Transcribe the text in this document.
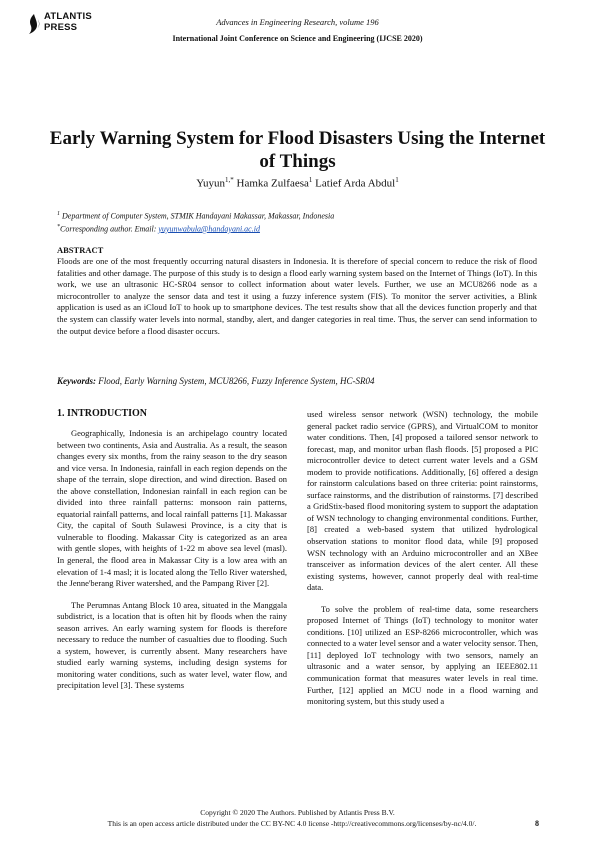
ATLANTIS
PRESS	Advances in Engineering Research, volume 196
International Joint Conference on Science and Engineering (IJCSE 2020)
Early Warning System for Flood Disasters Using the Internet of Things
Yuyun$^{1,*}$ Hamka Zulfaesa$^1$ Latief Arda Abdul$^1$
$^1$ Department of Computer System, STMIK Handayani Makassar, Makassar, Indonesia
*Corresponding author. Email: yuyunwabula@handayani.ac.id
ABSTRACT
Floods are one of the most frequently occurring natural disasters in Indonesia. It is therefore of special concern to reduce the risk of flood fatalities and other damage. The purpose of this study is to design a flood early warning system based on the Internet of Things (IoT). In this work, we use an ultrasonic HC-SR04 sensor to collect information about water levels. Further, we use an MCU8266 node as a microcontroller to analyze the sensor data and test it using a fuzzy inference system (FIS). To monitor the server activities, a Blink application is used as an iCloud IoT to hook up to smartphone devices. The test results show that all the devices function properly and that the system can classify water levels into normal, standby, alert, and danger categories in real time. Thus, the server can send information to the output device before a flood disaster occurs.
Keywords: Flood, Early Warning System, MCU8266, Fuzzy Inference System, HC-SR04
1. INTRODUCTION

Geographically, Indonesia is an archipelago country located between two continents, Asia and Australia. As a result, the season changes every six months, from the rainy season to the dry season and vice versa. In Indonesia, rainfall in each region depends on the shape of the terrain, slope direction, and wind direction. Based on the above constellation, Indonesian rainfall in each region can be divided into three rainfall patterns: monsoon rain patterns, equatorial rainfall patterns, and local rainfall patterns [1]. Makassar City, the capital of South Sulawesi Province, is a city that is vulnerable to flooding. Makassar City is categorized as an area with gentle slopes, with heights of 1-22 m above sea level (masl). In general, the flood area in Makassar City is a low area with an elevation of 1-4 masl; it is located along the Tello River watershed, the Jenne'berang River watershed, and the Pampang River [2].

The Perumnas Antang Block 10 area, situated in the Manggala subdistrict, is a location that is often hit by floods when the rainy season arrives. An early warning system for floods is therefore necessary to reduce the number of casualties due to flooding. Such a system, however, is currently absent. Many researchers have studied early warning systems, including design systems for monitoring water conditions, such as water level, water flow, and precipitation level [3]. These systems

used wireless sensor network (WSN) technology, the mobile general packet radio service (GPRS), and VirtualCOM to monitor water conditions. Then, [4] proposed a tailored sensor network to forecast, map, and monitor urban flash floods. [5] proposed a PIC microcontroller device to detect current water levels and a GSM modem to provide notifications. Additionally, [6] offered a design for rainstorm calculations based on three criteria: point rainstorms, surface rainstorms, and the distribution of rainstorms. [7] described a GridStix-based flood monitoring system to support the adaptation of WSN technology to changing environmental conditions. Further, [8] created a web-based system that utilized hydrological observation stations to monitor flood data, while [9] proposed WSN technology with an Arduino microcontroller and an XBee transceiver as information devices of the alert center. All these existing systems, however, cannot properly deal with real-time data.

To solve the problem of real-time data, some researchers proposed Internet of Things (IoT) technology to monitor water conditions. [10] utilized an ESP-8266 microcontroller, which was connected to a water level sensor and a water velocity sensor. Then, [11] deployed IoT technology with two sensors, namely an ultrasonic and a water sensor, by applying an IEEE802.11 communication format that measures water levels in real time. Further, [12] applied an MCU node in a flood warning and monitoring system, but this study used a

Copyright © 2020 The Authors. Published by Atlantis Press B.V.
This is an open access article distributed under the CC BY-NC 4.0 license -http://creativecommons.org/licenses/by-nc/4.0/.	8
